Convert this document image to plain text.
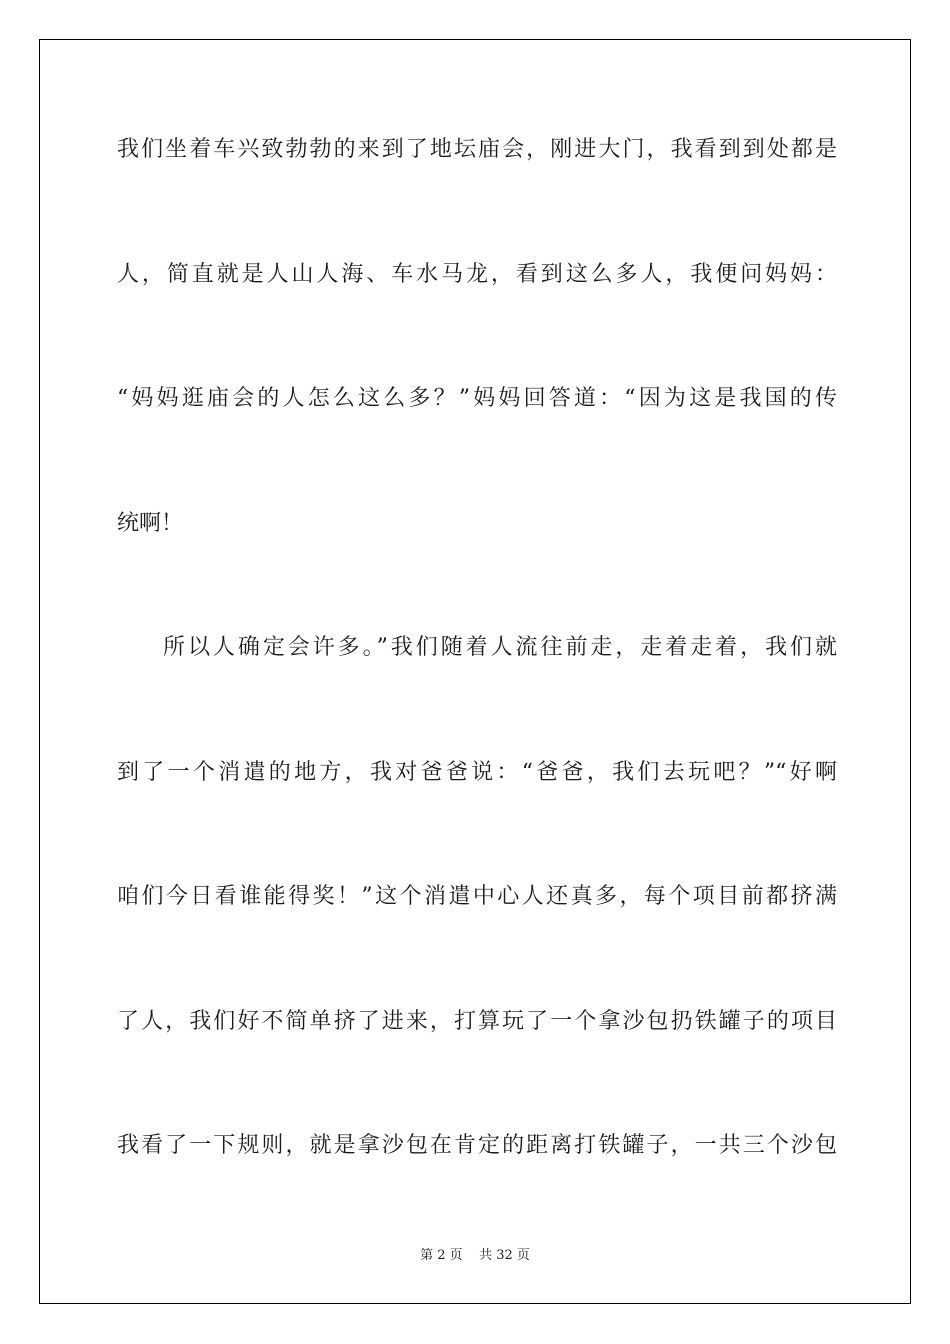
我们坐着车兴致勃勃的来到了地坛庙会，刚进大门，我看到到处都是
人，简直就是人山人海、车水马龙，看到这么多人，我便问妈妈：
“妈妈逛庙会的人怎么这么多？”妈妈回答道：“因为这是我国的传
统啊！
所以人确定会许多。”我们随着人流往前走，走着走着，我们就
到了一个消遣的地方，我对爸爸说：“爸爸，我们去玩吧？”“好啊
咱们今日看谁能得奖！”这个消遣中心人还真多，每个项目前都挤满
了人，我们好不简单挤了进来，打算玩了一个拿沙包扔铁罐子的项目
我看了一下规则，就是拿沙包在肯定的距离打铁罐子，一共三个沙包
第 2 页    共 32 页
